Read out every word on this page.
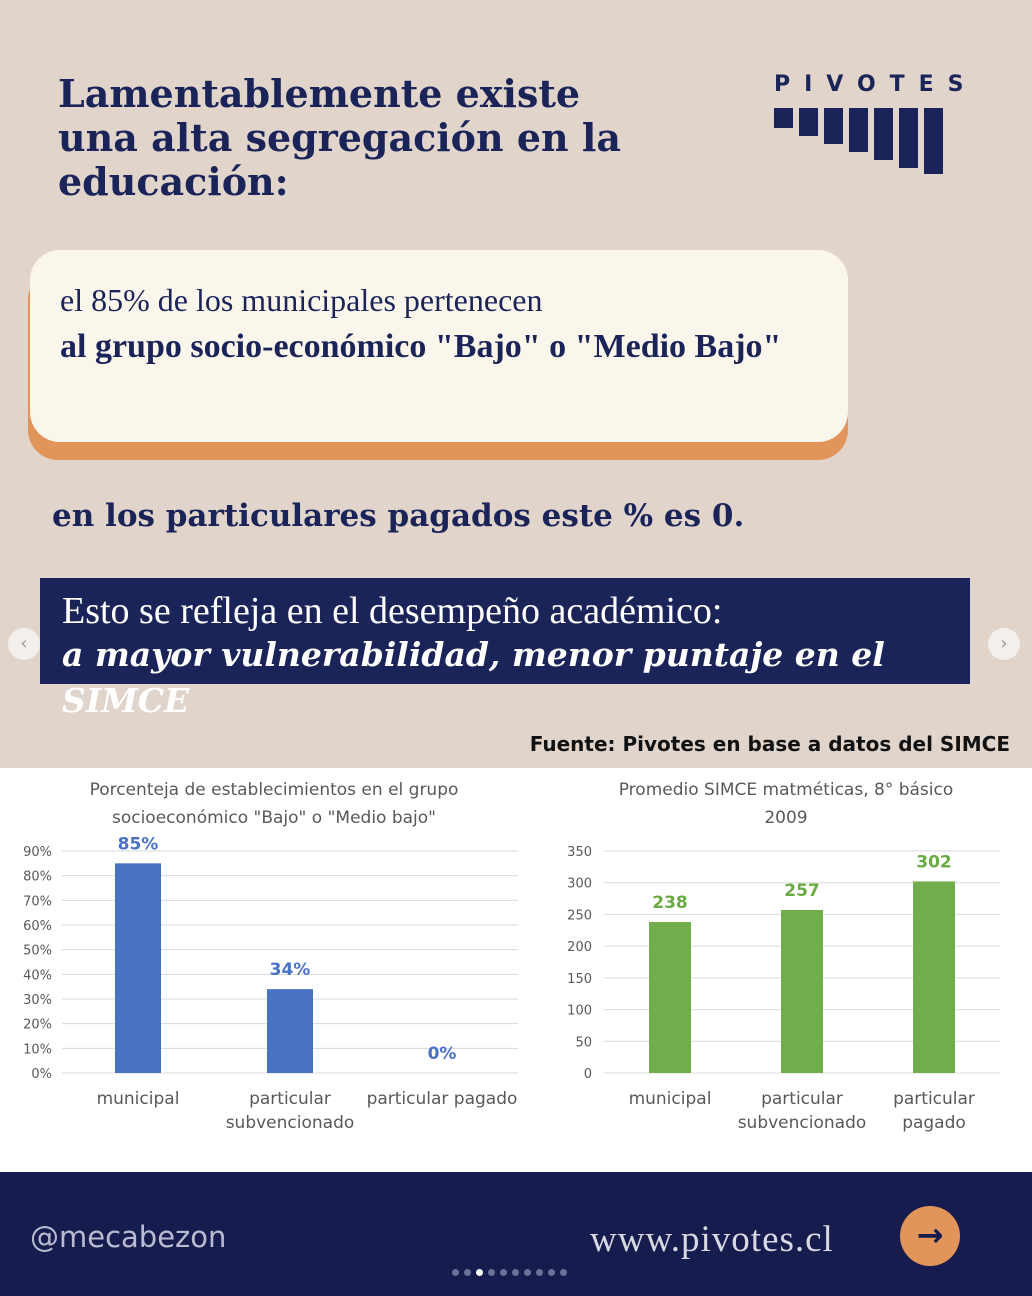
Lamentablemente existe
una alta segregación en la
educación:
PIVOTES
el 85% de los municipales pertenecen
al grupo socio-económico "Bajo" o "Medio Bajo"
en los particulares pagados este % es 0.
Esto se refleja en el desempeño académico:
a mayor vulnerabilidad, menor puntaje en el SIMCE
‹	›
Fuente: Pivotes en base a datos del SIMCE
Porcenteja de establecimientos en el grupo
socioeconómico "Bajo" o "Medio bajo"
0%
10%
20%
30%
40%
50%
60%
70%
80%
90%	85%
municipal
34%
particular
subvencionado
0%
particular pagado
Promedio SIMCE matméticas, 8° básico
2009
0
50
100
150
200
250
300
350
238
municipal
257
particular
subvencionado
302
particular
pagado
@mecabezon	www.pivotes.cl	→
